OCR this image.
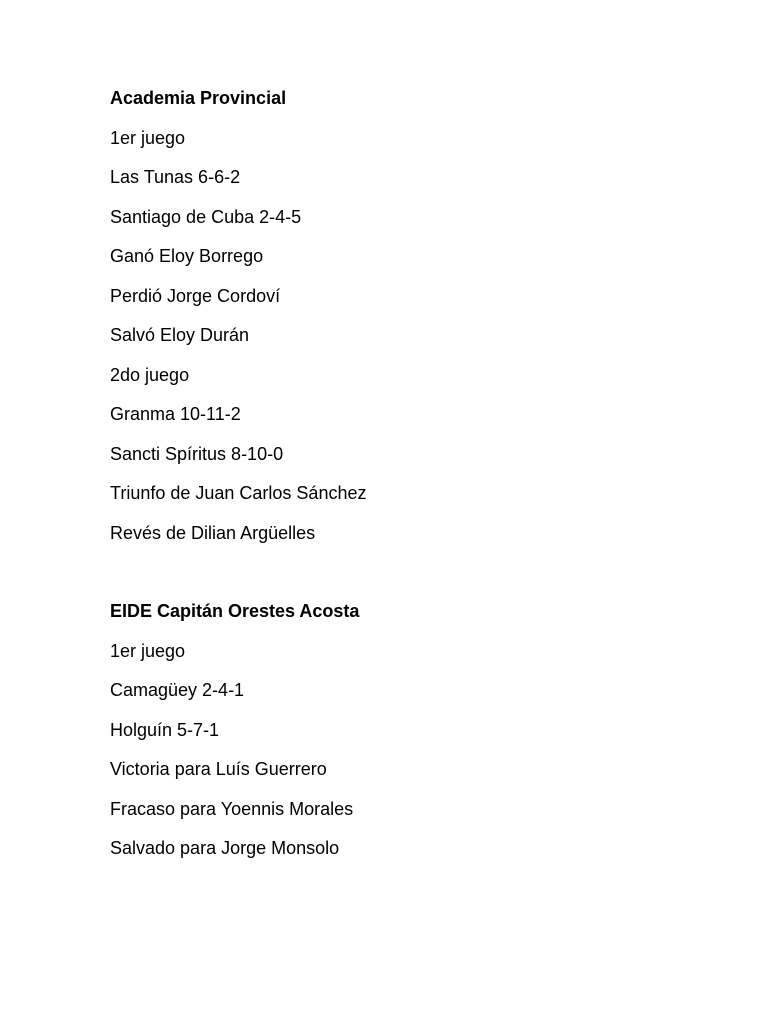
Academia Provincial
1er juego
Las Tunas 6-6-2
Santiago de Cuba 2-4-5
Ganó Eloy Borrego
Perdió Jorge Cordoví
Salvó Eloy Durán
2do juego
Granma 10-11-2
Sancti Spíritus 8-10-0
Triunfo de Juan Carlos Sánchez
Revés de Dilian Argüelles
EIDE Capitán Orestes Acosta
1er juego
Camagüey 2-4-1
Holguín 5-7-1
Victoria para Luís Guerrero
Fracaso para Yoennis Morales
Salvado para Jorge Monsolo
